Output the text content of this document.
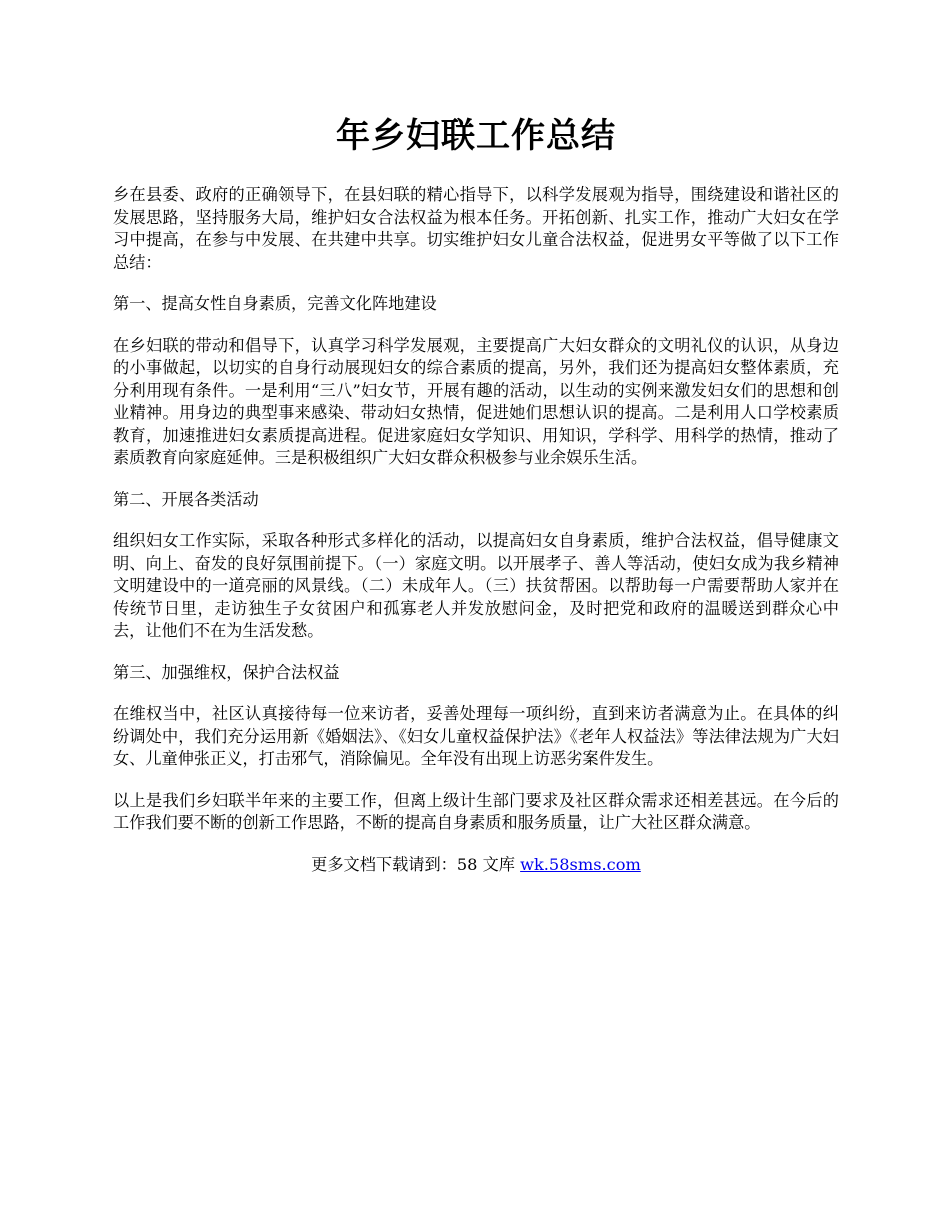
年乡妇联工作总结

乡在县委、政府的正确领导下，在县妇联的精心指导下，以科学发展观为指导，围绕建设和谐社区的发展思路，坚持服务大局，维护妇女合法权益为根本任务。开拓创新、扎实工作，推动广大妇女在学习中提高，在参与中发展、在共建中共享。切实维护妇女儿童合法权益，促进男女平等做了以下工作总结：

第一、提高女性自身素质，完善文化阵地建设

在乡妇联的带动和倡导下，认真学习科学发展观，主要提高广大妇女群众的文明礼仪的认识，从身边的小事做起，以切实的自身行动展现妇女的综合素质的提高，另外，我们还为提高妇女整体素质，充分利用现有条件。一是利用“三八”妇女节，开展有趣的活动，以生动的实例来激发妇女们的思想和创业精神。用身边的典型事来感染、带动妇女热情，促进她们思想认识的提高。二是利用人口学校素质教育，加速推进妇女素质提高进程。促进家庭妇女学知识、用知识，学科学、用科学的热情，推动了素质教育向家庭延伸。三是积极组织广大妇女群众积极参与业余娱乐生活。

第二、开展各类活动

组织妇女工作实际，采取各种形式多样化的活动，以提高妇女自身素质，维护合法权益，倡导健康文明、向上、奋发的良好氛围前提下。（一）家庭文明。以开展孝子、善人等活动，使妇女成为我乡精神文明建设中的一道亮丽的风景线。（二）未成年人。（三）扶贫帮困。以帮助每一户需要帮助人家并在传统节日里，走访独生子女贫困户和孤寡老人并发放慰问金，及时把党和政府的温暖送到群众心中去，让他们不在为生活发愁。

第三、加强维权，保护合法权益

在维权当中，社区认真接待每一位来访者，妥善处理每一项纠纷，直到来访者满意为止。在具体的纠纷调处中，我们充分运用新《婚姻法》、《妇女儿童权益保护法》《老年人权益法》等法律法规为广大妇女、儿童伸张正义，打击邪气，消除偏见。全年没有出现上访恶劣案件发生。

以上是我们乡妇联半年来的主要工作，但离上级计生部门要求及社区群众需求还相差甚远。在今后的工作我们要不断的创新工作思路，不断的提高自身素质和服务质量，让广大社区群众满意。

更多文档下载请到：58 文库 wk.58sms.com
